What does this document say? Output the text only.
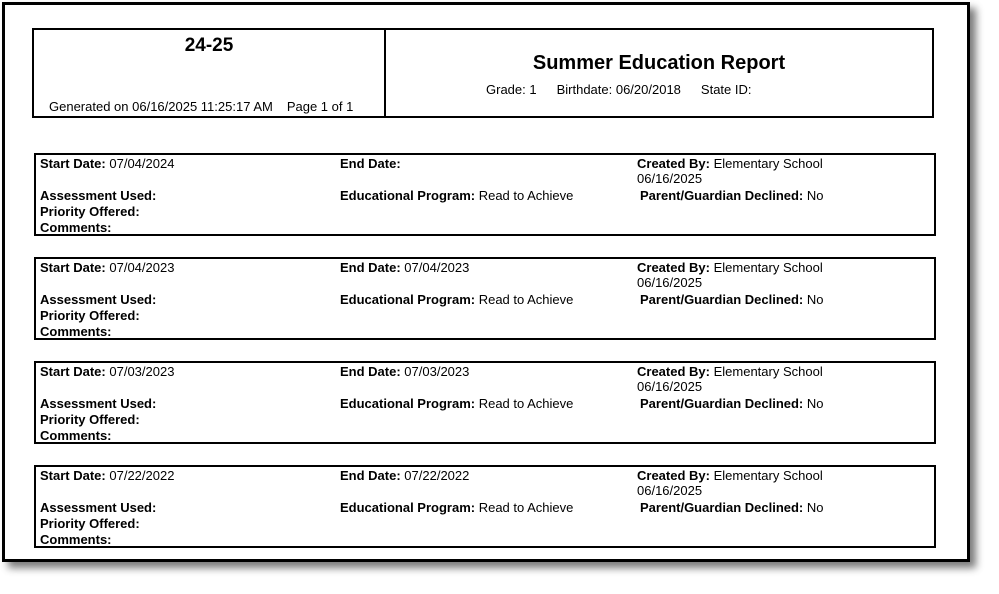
24-25
Generated on 06/16/2025 11:25:17 AM Page 1 of 1
Summer Education Report
Grade: 1 Birthdate: 06/20/2018 State ID:
Start Date: 07/04/2024	End Date:	Created By: Elementary School
06/16/2025
Assessment Used:	Educational Program: Read to Achieve	Parent/Guardian Declined: No
Priority Offered:
Comments:
Start Date: 07/04/2023	End Date: 07/04/2023	Created By: Elementary School
06/16/2025
Assessment Used:	Educational Program: Read to Achieve	Parent/Guardian Declined: No
Priority Offered:
Comments:
Start Date: 07/03/2023	End Date: 07/03/2023	Created By: Elementary School
06/16/2025
Assessment Used:	Educational Program: Read to Achieve	Parent/Guardian Declined: No
Priority Offered:
Comments:
Start Date: 07/22/2022	End Date: 07/22/2022	Created By: Elementary School
06/16/2025
Assessment Used:	Educational Program: Read to Achieve	Parent/Guardian Declined: No
Priority Offered:
Comments:
